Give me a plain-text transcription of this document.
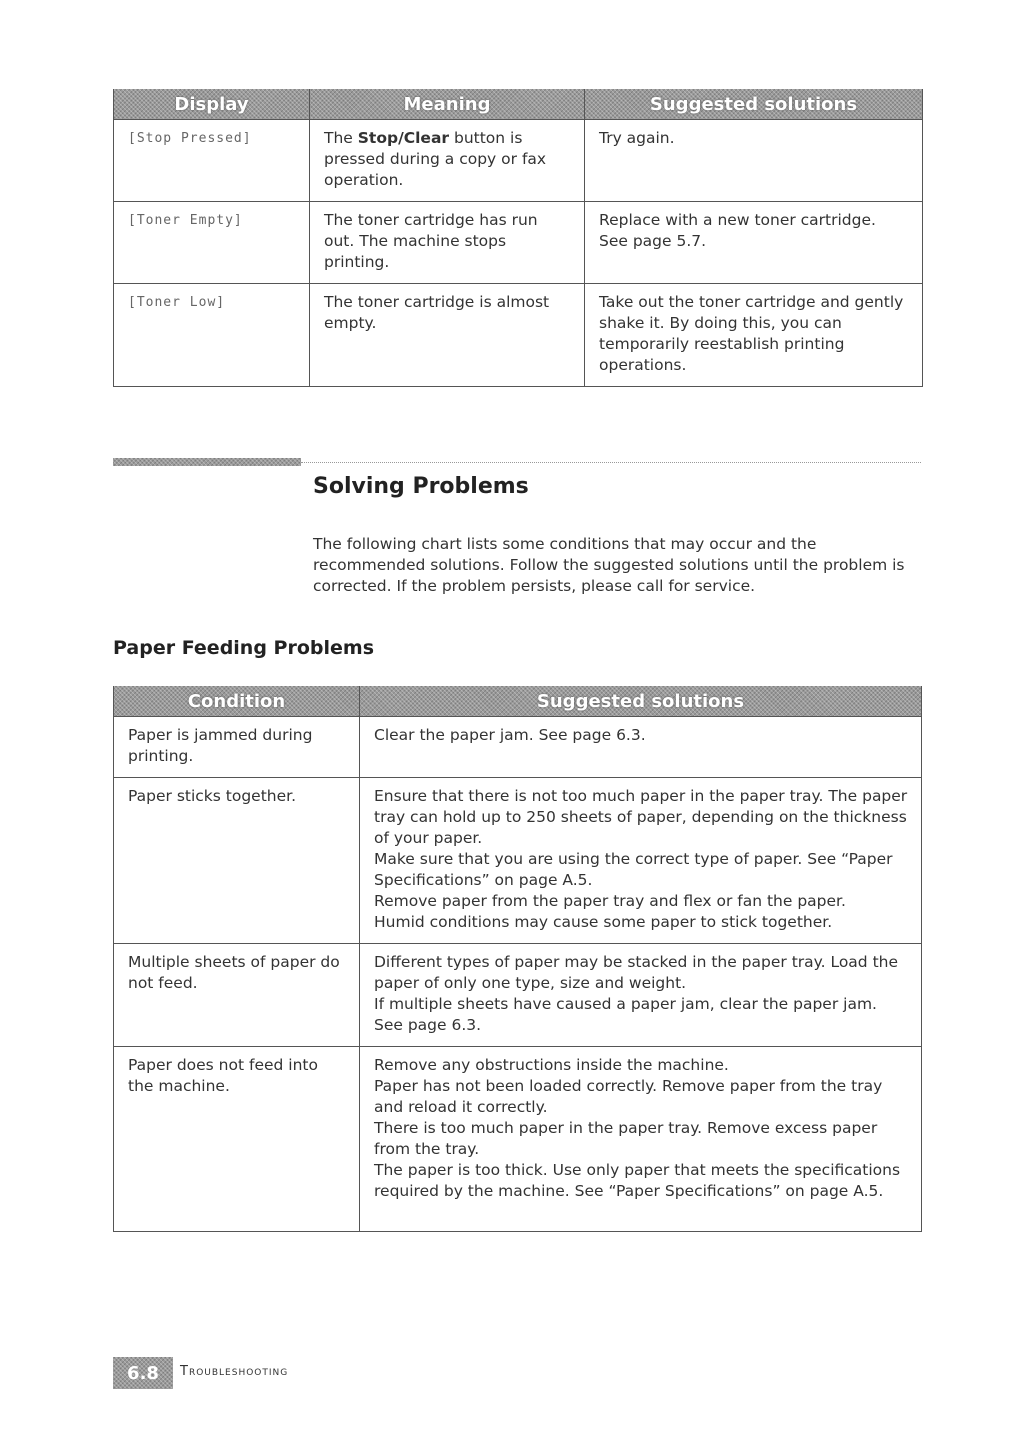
Display	Meaning	Suggested solutions
[Stop Pressed]	The Stop/Clear button is pressed during a copy or fax operation.	Try again.
[Toner Empty]	The toner cartridge has run out. The machine stops printing.	Replace with a new toner cartridge. See page 5.7.
[Toner Low]	The toner cartridge is almost empty.	Take out the toner cartridge and gently shake it. By doing this, you can temporarily reestablish printing operations.
Solving Problems
The following chart lists some conditions that may occur and the recommended solutions. Follow the suggested solutions until the problem is corrected. If the problem persists, please call for service.
Paper Feeding Problems
Condition	Suggested solutions
Paper is jammed during printing.	Clear the paper jam. See page 6.3.

Paper sticks together.	Ensure that there is not too much paper in the paper tray. The paper tray can hold up to 250 sheets of paper, depending on the thickness of your paper.
Make sure that you are using the correct type of paper. See “Paper Specifications” on page A.5.
Remove paper from the paper tray and flex or fan the paper.
Humid conditions may cause some paper to stick together.

Multiple sheets of paper do not feed.	Different types of paper may be stacked in the paper tray. Load the paper of only one type, size and weight.
If multiple sheets have caused a paper jam, clear the paper jam. See page 6.3.

Paper does not feed into the machine.	Remove any obstructions inside the machine.
Paper has not been loaded correctly. Remove paper from the tray and reload it correctly.
There is too much paper in the paper tray. Remove excess paper from the tray.
The paper is too thick. Use only paper that meets the specifications required by the machine. See “Paper Specifications” on page A.5.
6.8	Troubleshooting
